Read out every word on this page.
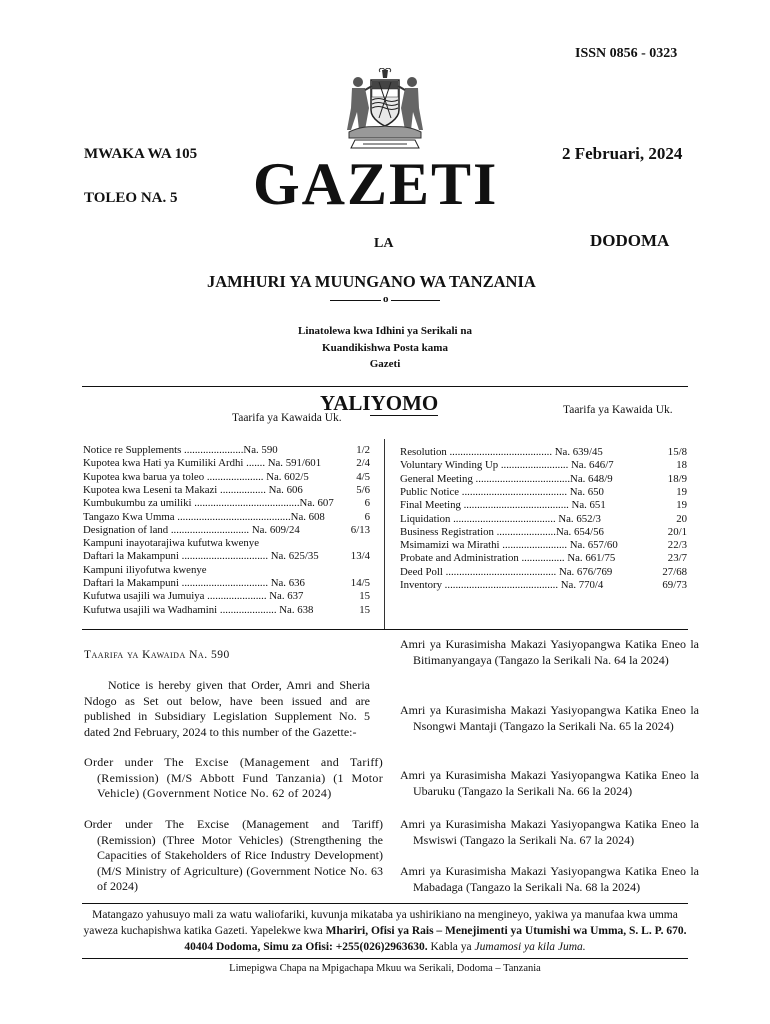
ISSN 0856 - 0323
MWAKA WA 105	2 Februari, 2024
TOLEO NA. 5 GAZETI
LA	DODOMA
JAMHURI YA MUUNGANO WA TANZANIA
o
Linatolewa kwa Idhini ya Serikali na
Kuandikishwa Posta kama
Gazeti
YALIYOMO
Taarifa ya Kawaida Uk.
Taarifa ya Kawaida Uk.
Notice re Supplements ......................Na. 590	1/2
Kupotea kwa Hati ya Kumiliki Ardhi ....... Na. 591/601	2/4
Kupotea kwa barua ya toleo ..................... Na. 602/5	4/5
Kupotea kwa Leseni ta Makazi ................. Na. 606	5/6
Kumbukumbu za umiliki .......................................Na. 607	6
Tangazo Kwa Umma ..........................................Na. 608	6
Designation of land ............................. Na. 609/24	6/13
Kampuni inayotarajiwa kufutwa kwenye
Daftari la Makampuni ................................ Na. 625/35	13/4
Kampuni iliyofutwa kwenye
Daftari la Makampuni ................................ Na. 636	14/5
Kufutwa usajili wa Jumuiya ...................... Na. 637	15
Kufutwa usajili wa Wadhamini ..................... Na. 638	15
Resolution ...................................... Na. 639/45	15/8
Voluntary Winding Up ......................... Na. 646/7	18
General Meeting ...................................Na. 648/9	18/9
Public Notice ....................................... Na. 650	19
Final Meeting ....................................... Na. 651	19
Liquidation ...................................... Na. 652/3	20
Business Registration ......................Na. 654/56	20/1
Msimamizi wa Mirathi ........................ Na. 657/60	22/3
Probate and Administration ................ Na. 661/75	23/7
Deed Poll ......................................... Na. 676/769	27/68
Inventory .......................................... Na. 770/4	69/73
Taarifa ya Kawaida Na. 590
Notice is hereby given that Order, Amri and Sheria Ndogo as Set out below, have been issued and are published in Subsidiary Legislation Supplement No. 5 dated 2nd February, 2024 to this number of the Gazette:-
Order under The Excise (Management and Tariff) (Remission) (M/S Abbott Fund Tanzania) (1 Motor Vehicle) (Government Notice No. 62 of 2024)
Order under The Excise (Management and Tariff) (Remission) (Three Motor Vehicles) (Strengthening the Capacities of Stakeholders of Rice Industry Development) (M/S Ministry of Agriculture) (Government Notice No. 63 of 2024)
Amri ya Kurasimisha Makazi Yasiyopangwa Katika Eneo la Bitimanyangaya (Tangazo la Serikali Na. 64 la 2024)
Amri ya Kurasimisha Makazi Yasiyopangwa Katika Eneo la Nsongwi Mantaji (Tangazo la Serikali Na. 65 la 2024)
Amri ya Kurasimisha Makazi Yasiyopangwa Katika Eneo la Ubaruku (Tangazo la Serikali Na. 66 la 2024)
Amri ya Kurasimisha Makazi Yasiyopangwa Katika Eneo la Mswiswi (Tangazo la Serikali Na. 67 la 2024)
Amri ya Kurasimisha Makazi Yasiyopangwa Katika Eneo la Mabadaga (Tangazo la Serikali Na. 68 la 2024)
Matangazo yahusuyo mali za watu waliofariki, kuvunja mikataba ya ushirikiano na mengineyo, yakiwa ya manufaa kwa umma yaweza kuchapishwa katika Gazeti. Yapelekwe kwa Mhariri, Ofisi ya Rais – Menejimenti ya Utumishi wa Umma, S. L. P. 670. 40404 Dodoma, Simu za Ofisi: +255(026)2963630. Kabla ya Jumamosi ya kila Juma.
Limepigwa Chapa na Mpigachapa Mkuu wa Serikali, Dodoma – Tanzania
